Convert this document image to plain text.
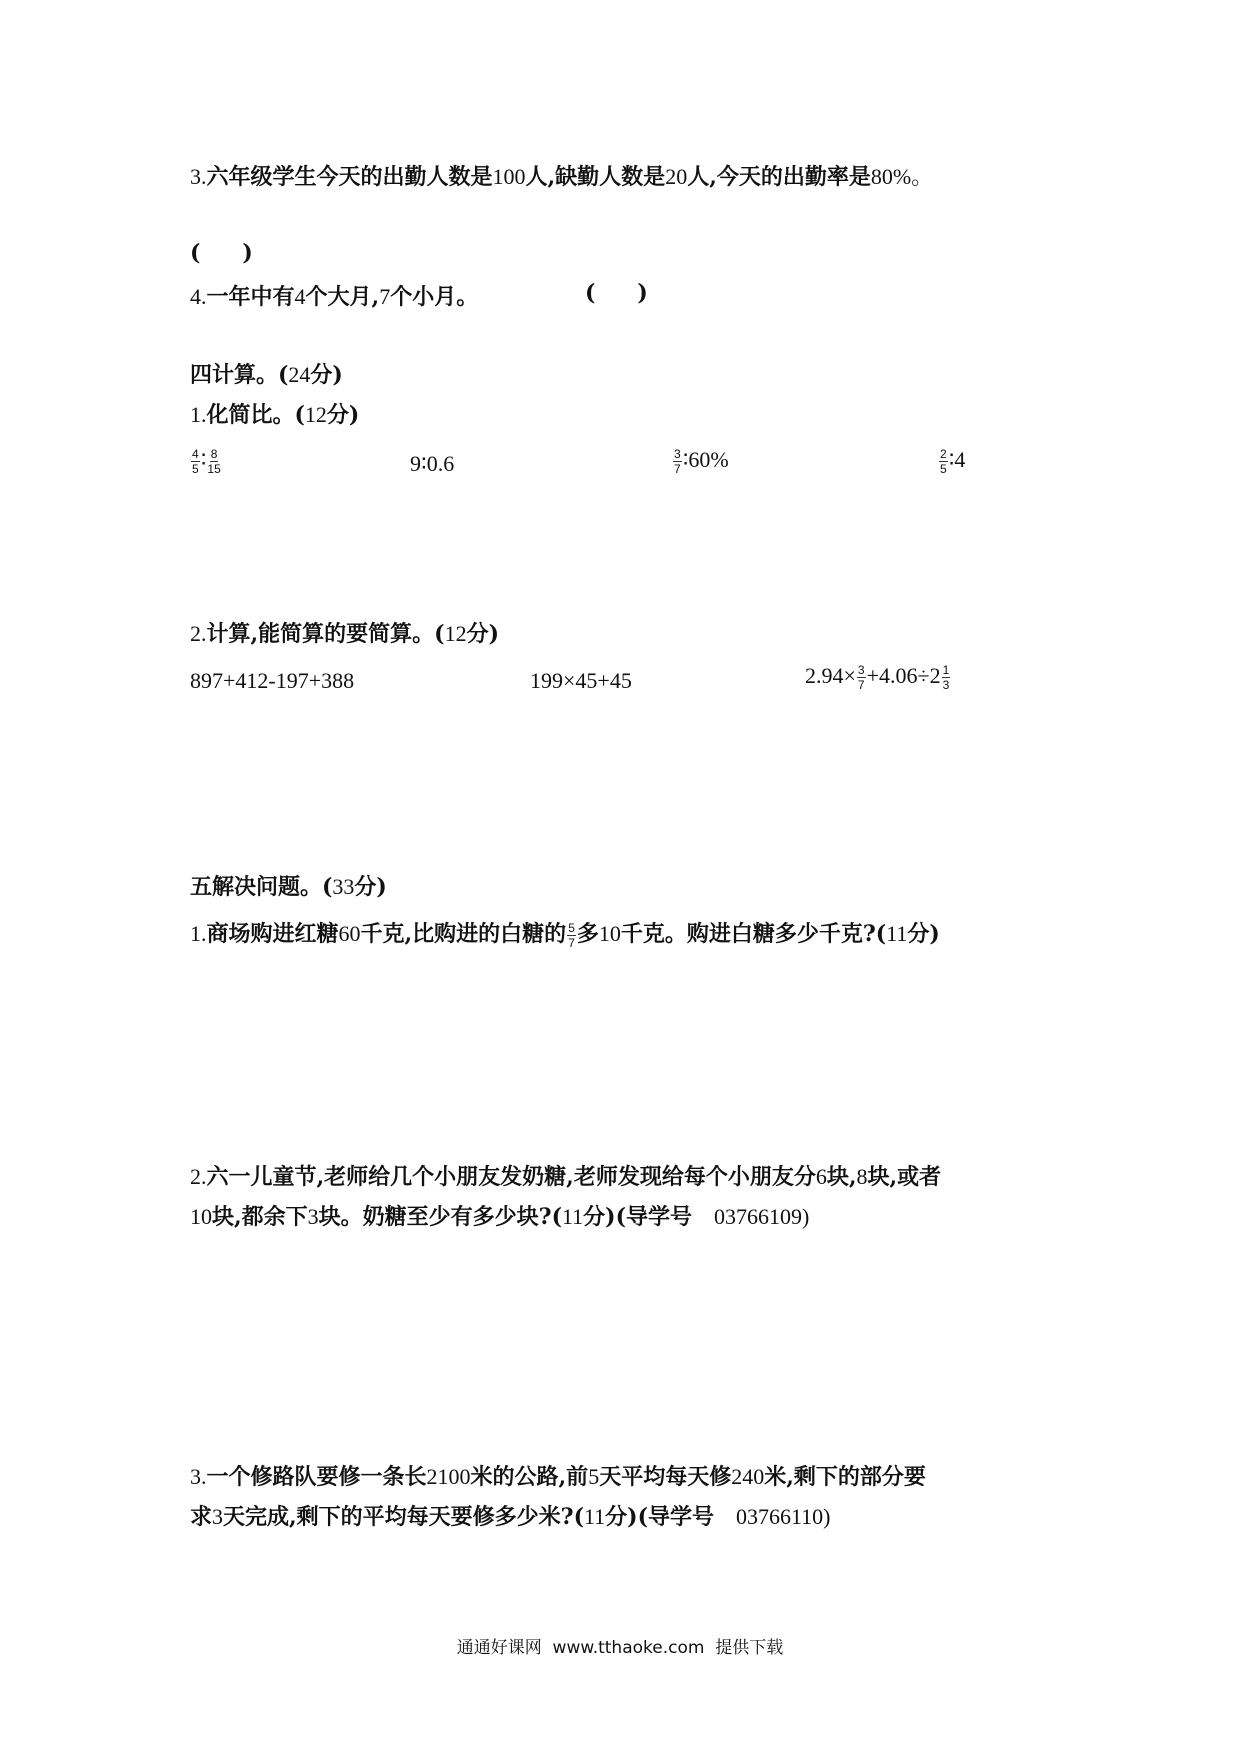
3.六年级学生今天的出勤人数是100人,缺勤人数是20人,今天的出勤率是80%。
( )
4.一年中有4个大月,7个小月。	( )
四计算。(24分)
1.化简比。(12分)
$\frac{4}{5}$ ∶ $\frac{8}{15}$	9∶0.6	$\frac{3}{7}$ ∶60%	$\frac{2}{5}$ ∶4
2.计算,能简算的要简算。(12分)
897+412-197+388	199×45+45	$2.94\times \frac{3}{7} +4.06\div 2 \frac{1}{3}$
五解决问题。(33分)
1.商场购进红糖60千克,比购进的白糖的 $\frac{5}{7}$ 多10千克。购进白糖多少千克?(11分)
2.六一儿童节,老师给几个小朋友发奶糖,老师发现给每个小朋友分6块,8块,或者
10块,都余下3块。奶糖至少有多少块?(11分)(导学号 03766109)
3.一个修路队要修一条长2100米的公路,前5天平均每天修240米,剩下的部分要
求3天完成,剩下的平均每天要修多少米?(11分)(导学号 03766110)
通通好课网 www.tthaoke.com 提供下载
